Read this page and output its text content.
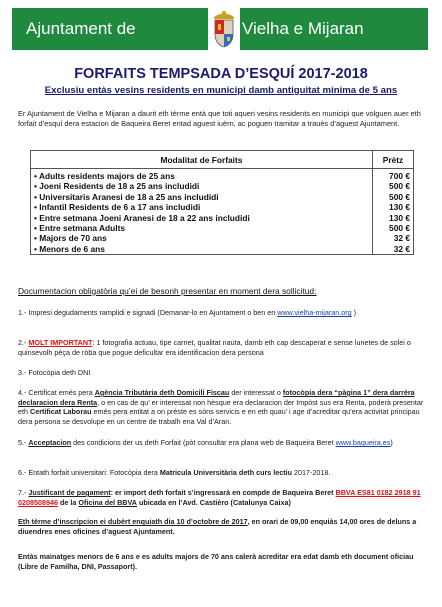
Ajuntament de	Vielha e Mijaran
FORFAITS TEMPSADA D’ESQUÍ 2017-2018
Exclusiu entàs vesins residents en municipi damb antiguitat minima de 5 ans
Er Ajuntament de Vielha e Mijaran a daurit eth tèrme entà que toti aqueri vesins residents en municipi que volguen auer eth forfait d’esquí dera estacion de Baqueira Beret entad aguest iuèrn, ac poguen tramitar a trauès d’aguest Ajuntament.
Modalitat de Forfaits	Prètz
• Adults residents majors de 25 ans	700 €
• Joeni Residents de 18 a 25 ans includidi	500 €
• Universitaris Aranesi de 18 a 25 ans includidi	500 €
• Infantil Residents de 6 a 17 ans includidi	130 €
• Entre setmana Joeni Aranesi de 18 a 22 ans includidi	130 €
• Entre setmana Adults	500 €
• Majors de 70 ans	32 €
• Menors de 6 ans	32 €
Documentacion obligatòria qu’ei de besonh presentar en moment dera sollicitud:
1.- Impresi degudaments ramplidi e signadi (Demanar-lo en Ajuntament o ben en www.vielha-mijaran.org )
2.- MOLT IMPORTANT: 1 fotografia actuau, tipe carnet, qualitat nauta, damb eth cap descaperat e sense lunetes de solei o quinsevolh pèça de ròba que pogue deficultar era identificacion dera persona
3.- Fotocòpia deth DNI
4.- Certificat emés pera Agència Tributària deth Domicili Fiscau der interessat o fotocòpia dera “pàgina 1” dera darrèra declaracion dera Renta, o en cas de qu’ er interessat non hèsque era declaracion der Impòst sus era Renta, poderà presentar eth Certificat Laborau emés pera entitat a on prèste es sòns servicis e en eth quau’ i age d’acreditar qu’era activitat principau dera persona se desvolupe en un centre de trabalh ena Val d’Aran.
5.- Acceptacion des condicions der us deth Forfait (pòt consultar era plana web de Baqueira Beret www.baqueira.es)
6.- Entath forfait universitari: Fotocòpia dera Matricula Universitària deth curs lectiu 2017-2018.
7.- Justificant de pagament: er import deth forfait s’ingressarà en compde de Baqueira Beret BBVA ES81 0182 2918 91 0208508946 de la Oficina del BBVA ubicada en l’Avd. Castièro (Catalunya Caixa)
Eth tèrme d’inscripcion ei dubèrt enquiath dia 10 d’octobre de 2017, en orari de 09,00 enquiàs 14,00 ores de deluns a diuendres enes oficines d’aguest Ajuntament.
Entàs mainatges menors de 6 ans e es adults majors de 70 ans calerà acreditar era edat damb eth document oficiau (Libre de Familha, DNI, Passaport).
